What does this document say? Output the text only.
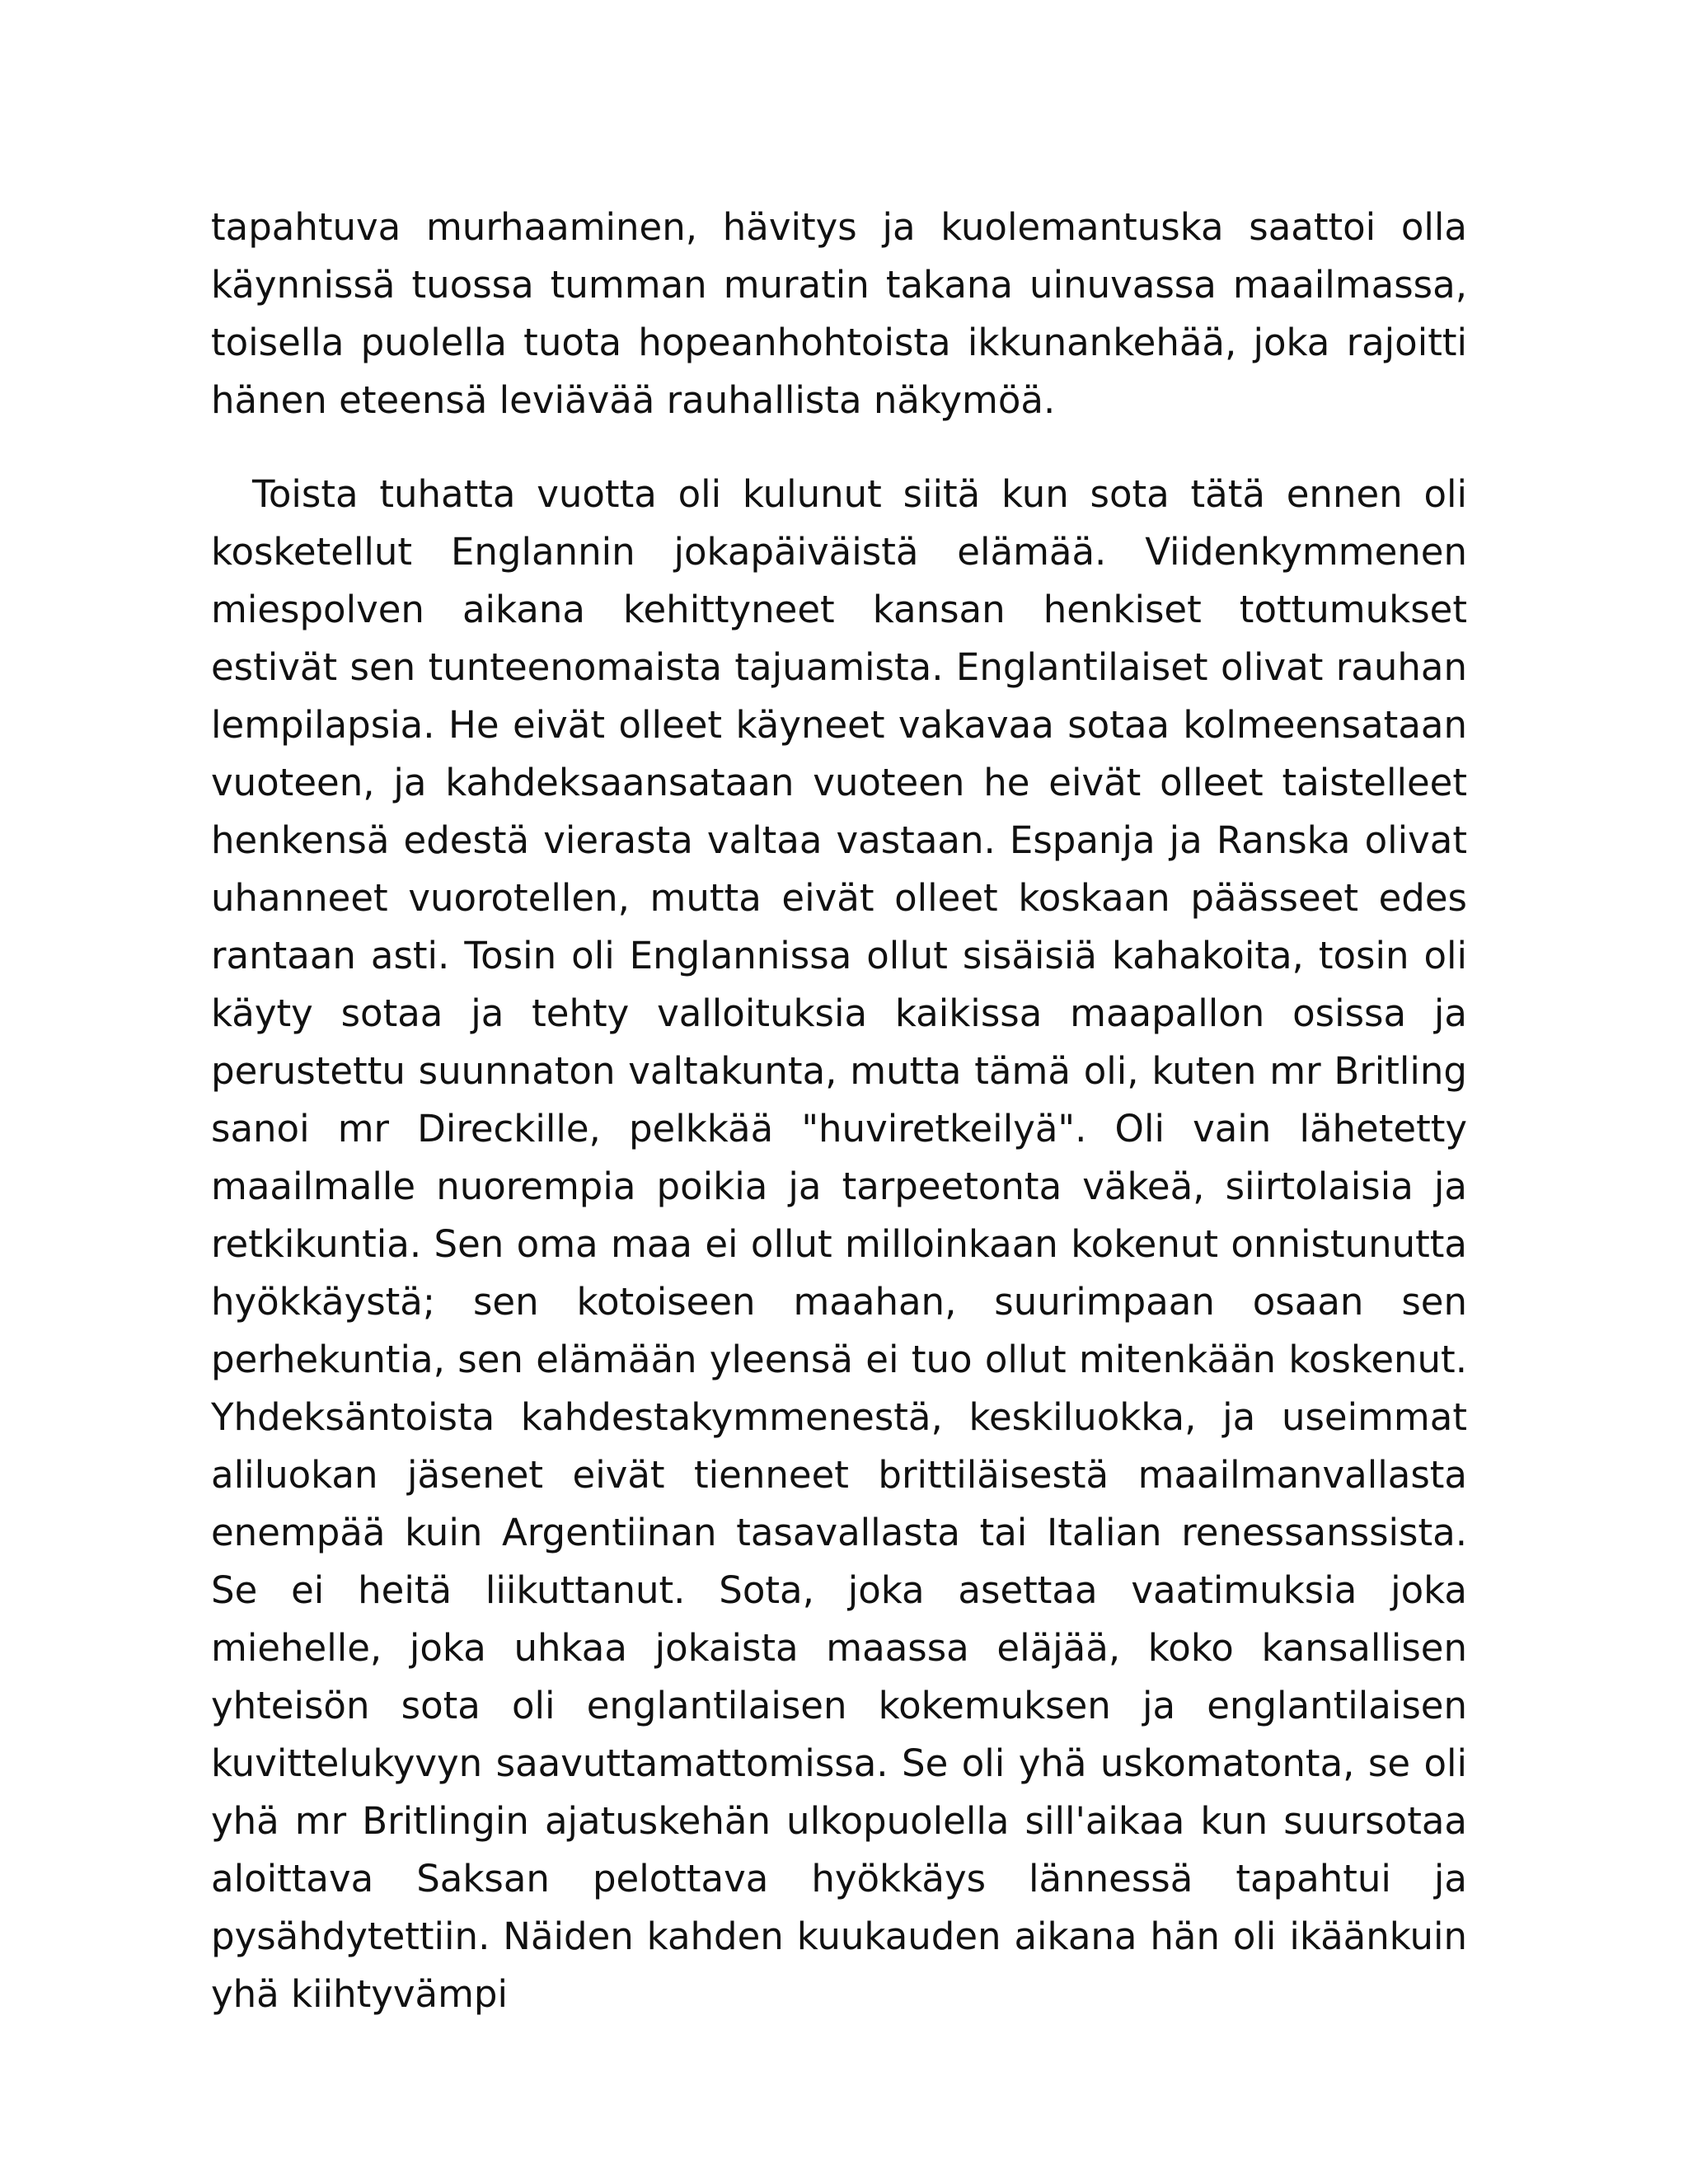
tapahtuva murhaaminen, hävitys ja kuolemantuska saattoi olla käynnissä tuossa tumman muratin takana uinuvassa maailmassa, toisella puolella tuota hopeanhohtoista ikkunankehää, joka rajoitti hänen eteensä leviävää rauhallista näkymöä.

Toista tuhatta vuotta oli kulunut siitä kun sota tätä ennen oli kosketellut Englannin jokapäiväistä elämää. Viidenkymmenen miespolven aikana kehittyneet kansan henkiset tottumukset estivät sen tunteenomaista tajuamista. Englantilaiset olivat rauhan lempilapsia. He eivät olleet käyneet vakavaa sotaa kolmeensataan vuoteen, ja kahdeksaansataan vuoteen he eivät olleet taistelleet henkensä edestä vierasta valtaa vastaan. Espanja ja Ranska olivat uhanneet vuorotellen, mutta eivät olleet koskaan päässeet edes rantaan asti. Tosin oli Englannissa ollut sisäisiä kahakoita, tosin oli käyty sotaa ja tehty valloituksia kaikissa maapallon osissa ja perustettu suunnaton valtakunta, mutta tämä oli, kuten mr Britling sanoi mr Direckille, pelkkää "huviretkeilyä". Oli vain lähetetty maailmalle nuorempia poikia ja tarpeetonta väkeä, siirtolaisia ja retkikuntia. Sen oma maa ei ollut milloinkaan kokenut onnistunutta hyökkäystä; sen kotoiseen maahan, suurimpaan osaan sen perhekuntia, sen elämään yleensä ei tuo ollut mitenkään koskenut. Yhdeksäntoista kahdestakymmenestä, keskiluokka, ja useimmat aliluokan jäsenet eivät tienneet brittiläisestä maailmanvallasta enempää kuin Argentiinan tasavallasta tai Italian renessanssista. Se ei heitä liikuttanut. Sota, joka asettaa vaatimuksia joka miehelle, joka uhkaa jokaista maassa eläjää, koko kansallisen yhteisön sota oli englantilaisen kokemuksen ja englantilaisen kuvittelukyvyn saavuttamattomissa. Se oli yhä uskomatonta, se oli yhä mr Britlingin ajatuskehän ulkopuolella sill'aikaa kun suursotaa aloittava Saksan pelottava hyökkäys lännessä tapahtui ja pysähdytettiin. Näiden kahden kuukauden aikana hän oli ikäänkuin yhä kiihtyvämpi
